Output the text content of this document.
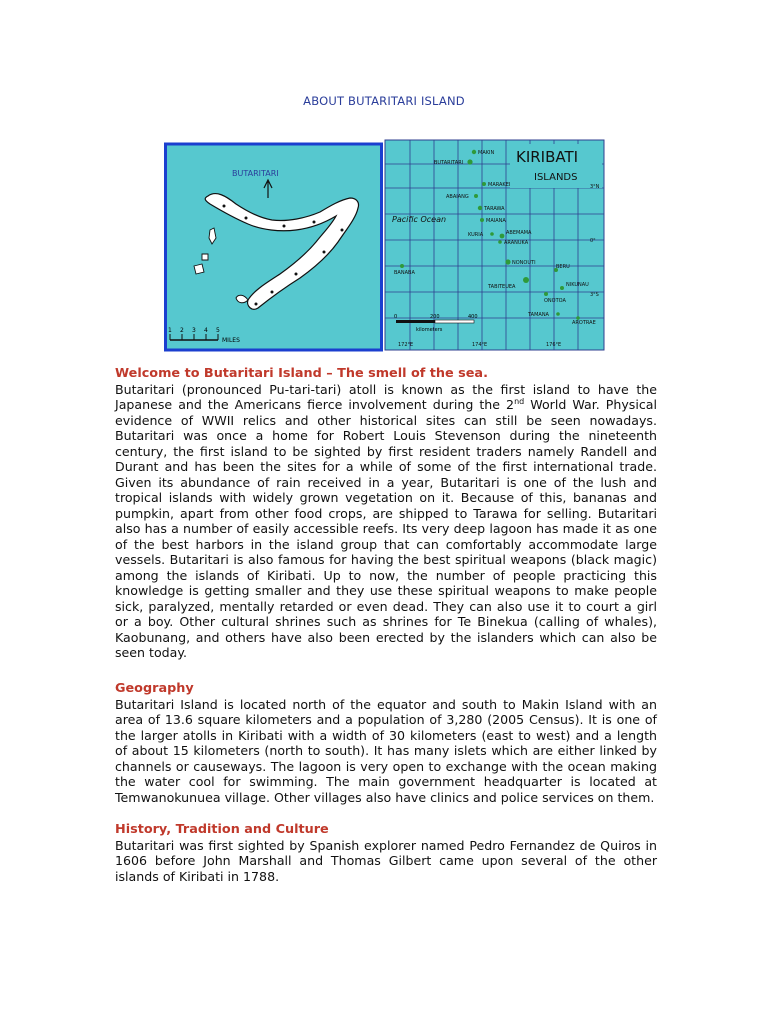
ABOUT BUTARITARI ISLAND
BUTARITARI
1 2 3 4 5
MILES
KIRIBATI
ISLANDS
Pacific Ocean
MAKIN
BUTARITARI
MARAKEI
ABAIANG
TARAWA
MAIANA
KURIA	ABEMAMA
ARANUKA
NONOUTI
BANABA
BERU
TABITEUEA	NIKUNAU
ONOTOA
TAMANA
AROTRAE
3°N
0°
3°S
172°E	174°E	176°E
0	200	400
kilometers
Welcome to Butaritari Island – The smell of the sea.

Butaritari (pronounced Pu-tari-tari) atoll is known as the first island to have the Japanese and the Americans fierce involvement during the 2nd World War. Physical evidence of WWII relics and other historical sites can still be seen nowadays. Butaritari was once a home for Robert Louis Stevenson during the nineteenth century, the first island to be sighted by first resident traders namely Randell and Durant and has been the sites for a while of some of the first international trade. Given its abundance of rain received in a year, Butaritari is one of the lush and tropical islands with widely grown vegetation on it. Because of this, bananas and pumpkin, apart from other food crops, are shipped to Tarawa for selling. Butaritari also has a number of easily accessible reefs. Its very deep lagoon has made it as one of the best harbors in the island group that can comfortably accommodate large vessels. Butaritari is also famous for having the best spiritual weapons (black magic) among the islands of Kiribati. Up to now, the number of people practicing this knowledge is getting smaller and they use these spiritual weapons to make people sick, paralyzed, mentally retarded or even dead. They can also use it to court a girl or a boy. Other cultural shrines such as shrines for Te Binekua (calling of whales), Kaobunang, and others have also been erected by the islanders which can also be seen today.

Geography

Butaritari Island is located north of the equator and south to Makin Island with an area of 13.6 square kilometers and a population of 3,280 (2005 Census). It is one of the larger atolls in Kiribati with a width of 30 kilometers (east to west) and a length of about 15 kilometers (north to south). It has many islets which are either linked by channels or causeways. The lagoon is very open to exchange with the ocean making the water cool for swimming. The main government headquarter is located at Temwanokunuea village. Other villages also have clinics and police services on them.

History, Tradition and Culture

Butaritari was first sighted by Spanish explorer named Pedro Fernandez de Quiros in 1606 before John Marshall and Thomas Gilbert came upon several of the other islands of Kiribati in 1788.
